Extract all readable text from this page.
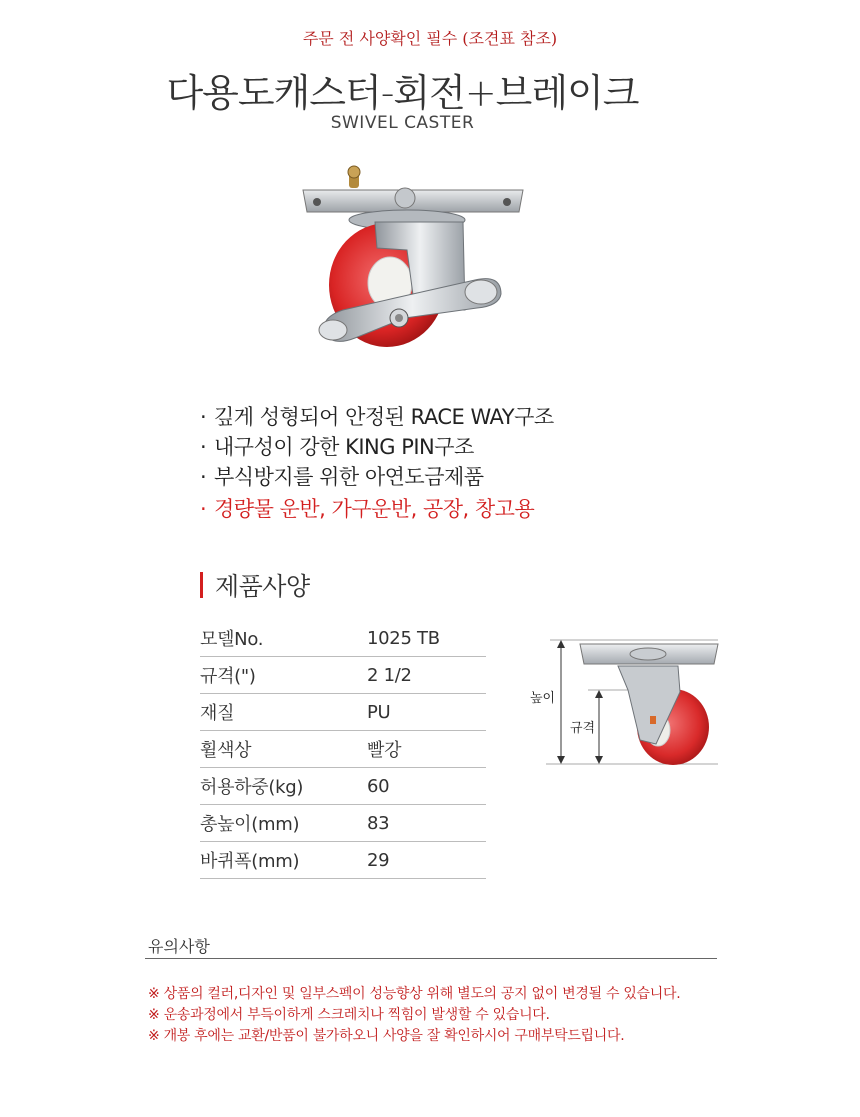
주문 전 사양확인 필수 (조견표 참조)
다용도캐스터-회전+브레이크
SWIVEL CASTER
· 깊게 성형되어 안정된 RACE WAY구조
· 내구성이 강한 KING PIN구조
· 부식방지를 위한 아연도금제품
· 경량물 운반, 가구운반, 공장, 창고용
제품사양
모델No.	1025 TB
규격(")	2 1/2
재질	PU
휠색상	빨강
허용하중(kg)	60
총높이(mm)	83
바퀴폭(mm)	29
높이
규격
유의사항
※ 상품의 컬러,디자인 및 일부스펙이 성능향상 위해 별도의 공지 없이 변경될 수 있습니다.
※ 운송과정에서 부득이하게 스크레치나 찍힘이 발생할 수 있습니다.
※ 개봉 후에는 교환/반품이 불가하오니 사양을 잘 확인하시어 구매부탁드립니다.
